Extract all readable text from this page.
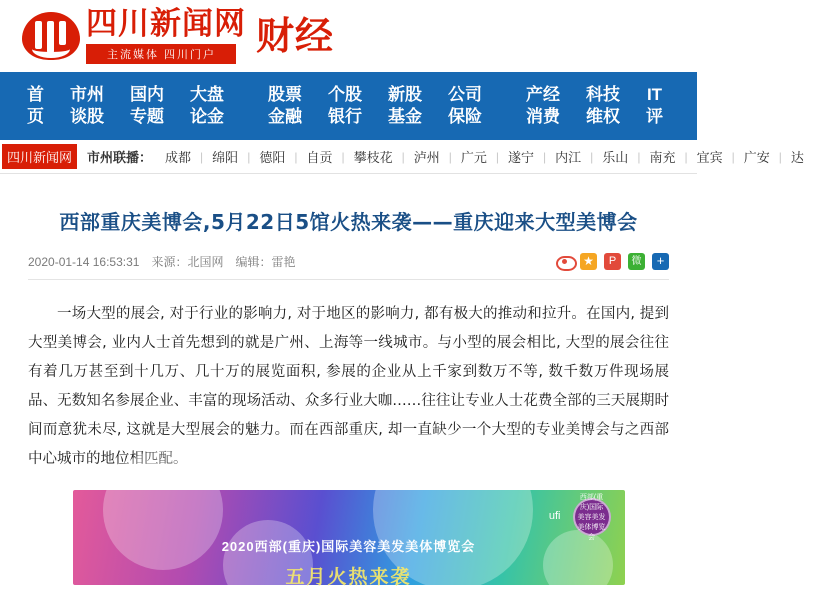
四川新闻网
主流媒体 四川门户	财经
首
页
市州
谈股
国内
专题
大盘
论金
股票
金融
个股
银行
新股
基金
公司
保险
产经
消费
科技
维权
IT
评
四川新闻网	市州联播：	成都 | 绵阳 | 德阳 | 自贡 | 攀枝花 | 泸州 | 广元 | 遂宁 | 内江 | 乐山 | 南充 | 宜宾 | 广安 | 达
西部重庆美博会,5月22日5馆火热来袭——重庆迎来大型美博会
2020-01-14 16:53:31 来源：北国网 编辑：雷艳	★	P	微	+

一场大型的展会, 对于行业的影响力, 对于地区的影响力, 都有极大的推动和拉升。在国内, 提到大型美博会, 业内人士首先想到的就是广州、上海等一线城市。与小型的展会相比, 大型的展会往往有着几万甚至到十几万、几十万的展览面积, 参展的企业从上千家到数万不等, 数千数万件现场展品、无数知名参展企业、丰富的现场活动、众多行业大咖……往往让专业人士花费全部的三天展期时间而意犹未尽, 这就是大型展会的魅力。而在西部重庆, 却一直缺少一个大型的专业美博会与之西部中心城市的地位相匹配。

ufi
西部(重庆)国际美容美发美体博览会
2020西部(重庆)国际美容美发美体博览会
五月火热来袭
